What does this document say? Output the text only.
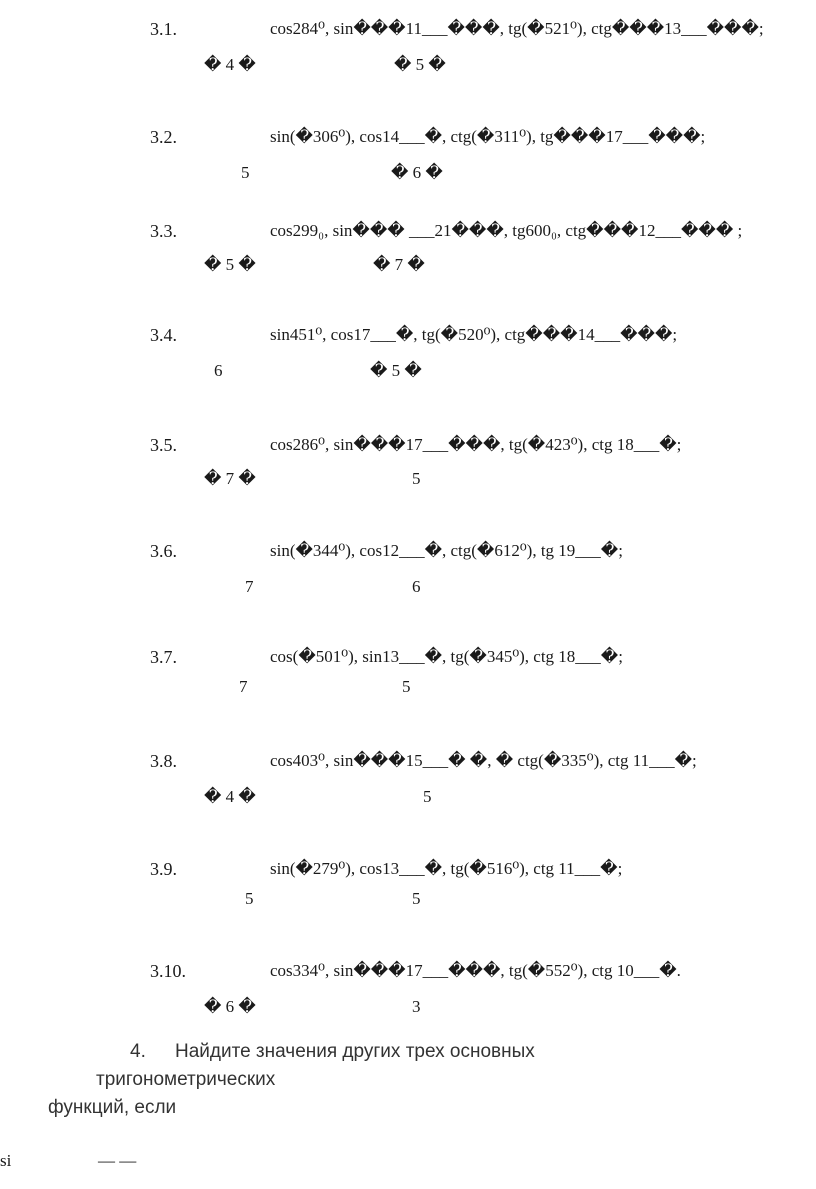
3.1.	cos284⁰, sin���11___���, tg(�521⁰), ctg���13___���;
� 4 �	� 5 �
3.2.	sin(�306⁰), cos14___�, ctg(�311⁰), tg���17___���;
5	� 6 �
3.3.	cos299₀, sin��� ___21���, tg600₀, ctg���12___��� ;
� 5 �	� 7 �
3.4.	sin451⁰, cos17___�, tg(�520⁰), ctg���14___���;
6	� 5 �
3.5.	cos286⁰, sin���17___���, tg(�423⁰), ctg 18___�;
� 7 �	5
3.6.	sin(�344⁰), cos12___�, ctg(�612⁰), tg 19___�;
7	6
3.7.	cos(�501⁰), sin13___�, tg(�345⁰), ctg 18___�;
7	5
3.8.	cos403⁰, sin���15___� �, � ctg(�335⁰), ctg 11___�;
� 4 �	5
3.9.	sin(�279⁰), cos13___�, tg(�516⁰), ctg 11___�;
5	5
3.10.	cos334⁰, sin���17___���, tg(�552⁰), ctg 10___�.
� 6 �	3
4. Найдите значения других трех основных
тригонометрических
функций, если
si	— —
